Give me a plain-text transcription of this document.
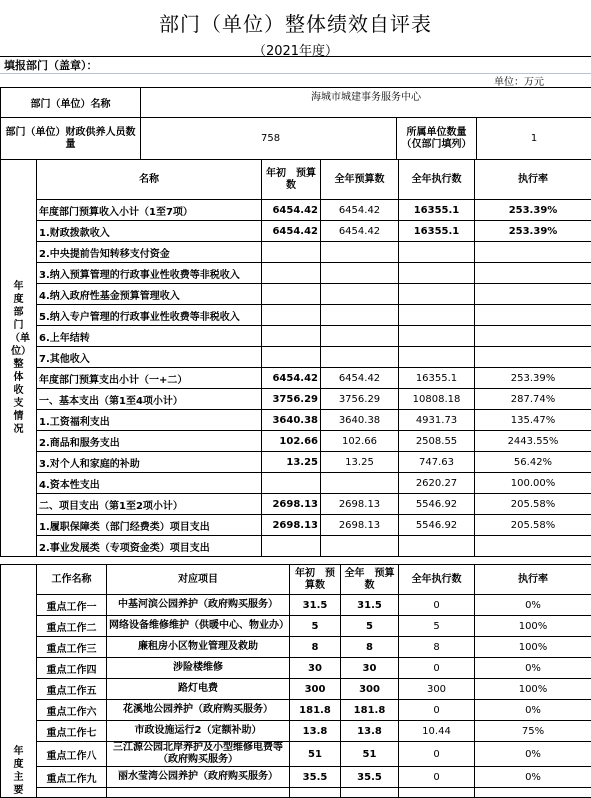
部门（单位）整体绩效自评表
（2021年度）
填报部门（盖章）：
单位：万元
部门（单位）名称	海城市城建事务服务中心		
部门（单位）财政供养人员数量	758	所属单位数量（仅部门填列）	1
年度部门（单位）整体收支情况	名称	年初　预算数	全年预算数	全年执行数	执行率
	年度部门预算收入小计（1至7项）	6454.42	6454.42	16355.1	253.39%
	1.财政拨款收入	6454.42	6454.42	16355.1	253.39%
	2.中央提前告知转移支付资金				
	3.纳入预算管理的行政事业性收费等非税收入				
	4.纳入政府性基金预算管理收入				
	5.纳入专户管理的行政事业性收费等非税收入				
	6.上年结转				
	7.其他收入				
	年度部门预算支出小计（一+二）	6454.42	6454.42	16355.1	253.39%
	一、基本支出（第1至4项小计）	3756.29	3756.29	10808.18	287.74%
	1.工资福利支出	3640.38	3640.38	4931.73	135.47%
	2.商品和服务支出	102.66	102.66	2508.55	2443.55%
	3.对个人和家庭的补助	13.25	13.25	747.63	56.42%
	4.资本性支出			2620.27	100.00%
	二、项目支出（第1至2项小计）	2698.13	2698.13	5546.92	205.58%
	1.履职保障类（部门经费类）项目支出	2698.13	2698.13	5546.92	205.58%
	2.事业发展类（专项资金类）项目支出				
年度主要	工作名称	对应项目	年初　预算数	全年　预算数	全年执行数	执行率
	重点工作一	中基河滨公园养护（政府购买服务）	31.5	31.5	0	0%
	重点工作二	网络设备维修维护（供暖中心、物业办）	5	5	5	100%
	重点工作三	廉租房小区物业管理及救助	8	8	8	100%
	重点工作四	涉险楼维修	30	30	0	0%
	重点工作五	路灯电费	300	300	300	100%
	重点工作六	花溪地公园养护（政府购买服务）	181.8	181.8	0	0%
	重点工作七	市政设施运行2（定额补助）	13.8	13.8	10.44	75%
	重点工作八	三江源公园北岸养护及小型维修电费等（政府购买服务）	51	51	0	0%
	重点工作九	丽水莹湾公园养护（政府购买服务）	35.5	35.5	0	0%
